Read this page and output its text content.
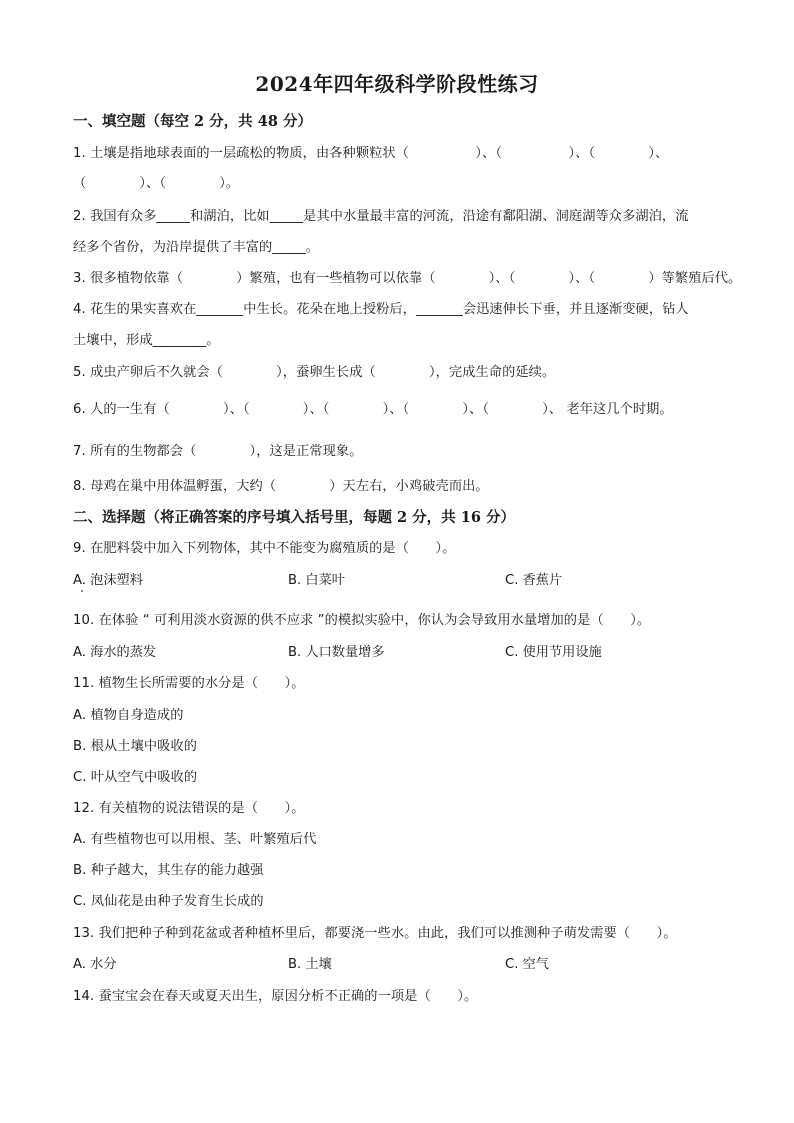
2024年四年级科学阶段性练习
一、填空题（每空 2 分，共 48 分）
1. 土壤是指地球表面的一层疏松的物质，由各种颗粒状（　　　　　）、（　　　　　）、（　　　　）、
（　　　　）、（　　　　）。
2. 我国有众多_____和湖泊，比如_____是其中水量最丰富的河流，沿途有鄱阳湖、洞庭湖等众多湖泊，流
经多个省份，为沿岸提供了丰富的_____。
3. 很多植物依靠（　　　　）繁殖，也有一些植物可以依靠（　　　　）、（　　　　）、（　　　　）等繁殖后代。
4. 花生的果实喜欢在_______中生长。花朵在地上授粉后，_______会迅速伸长下垂，并且逐渐变硬，钻人
土壤中，形成________。
5. 成虫产卵后不久就会（　　　　），蚕卵生长成（　　　　），完成生命的延续。
6. 人的一生有（　　　　）、（　　　　）、（　　　　）、（　　　　）、（　　　　）、 老年这几个时期。
7. 所有的生物都会（　　　　），这是正常现象。
8. 母鸡在巢中用体温孵蛋，大约（　　　　）天左右，小鸡破壳而出。
二、选择题（将正确答案的序号填入括号里，每题 2 分，共 16 分）
9. 在肥料袋中加入下列物体，其中不能变为腐殖质的是（　　）。
A. 泡沫塑料	B. 白菜叶	C. 香蕉片
10. 在体验 “ 可利用淡水资源的供不应求 ”的模拟实验中，你认为会导致用水量增加的是（　　）。
A. 海水的蒸发	B. 人口数量增多	C. 使用节用设施
11. 植物生长所需要的水分是（　　）。
A. 植物自身造成的
B. 根从土壤中吸收的
C. 叶从空气中吸收的
12. 有关植物的说法错误的是（　　）。
A. 有些植物也可以用根、茎、叶繁殖后代
B. 种子越大，其生存的能力越强
C. 凤仙花是由种子发育生长成的
13. 我们把种子种到花盆或者种植杯里后，都要浇一些水。由此，我们可以推测种子萌发需要（　　）。
A. 水分	B. 土壤	C. 空气
14. 蚕宝宝会在春天或夏天出生，原因分析不正确的一项是（　　）。
